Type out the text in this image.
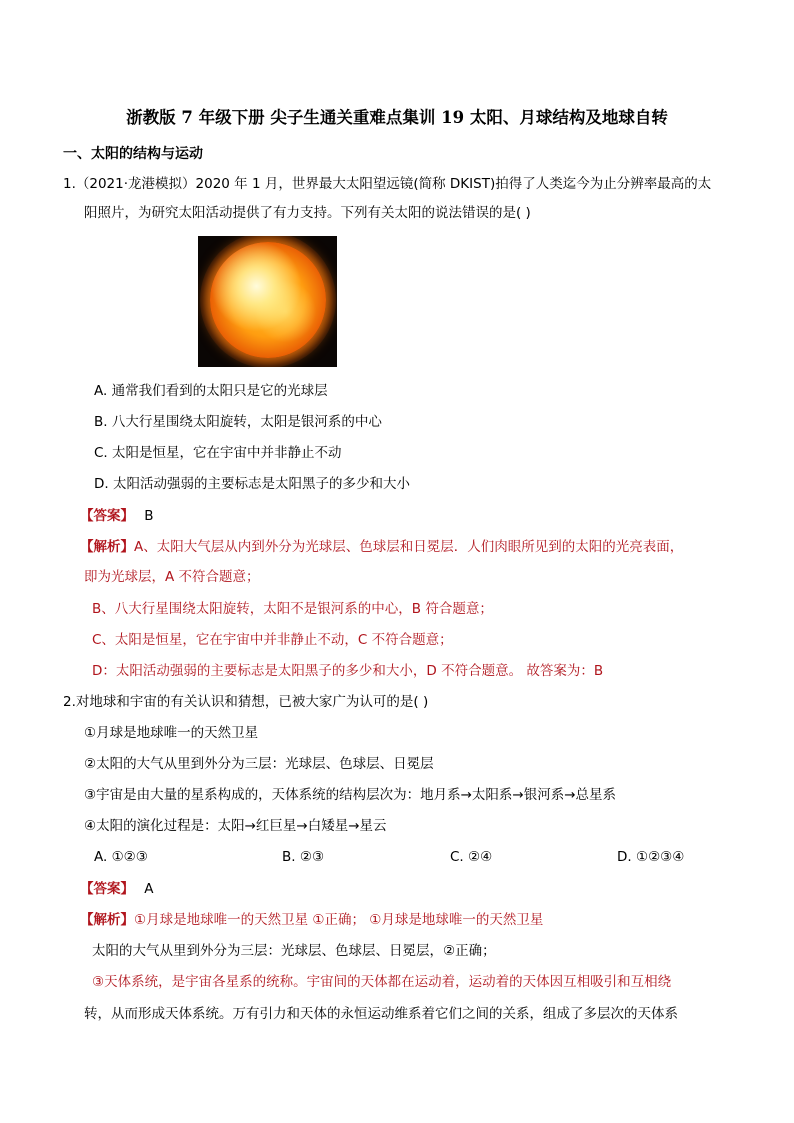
浙教版 7 年级下册 尖子生通关重难点集训 19 太阳、月球结构及地球自转
一、太阳的结构与运动
1.（2021·龙港模拟）2020 年 1 月，世界最大太阳望远镜(简称 DKIST)拍得了人类迄今为止分辨率最高的太
阳照片，为研究太阳活动提供了有力支持。下列有关太阳的说法错误的是( )
A. 通常我们看到的太阳只是它的光球层
B. 八大行星围绕太阳旋转，太阳是银河系的中心
C. 太阳是恒星，它在宇宙中并非静止不动
D. 太阳活动强弱的主要标志是太阳黑子的多少和大小
【答案】 B
【解析】A、太阳大气层从内到外分为光球层、色球层和日冕层．人们肉眼所见到的太阳的光亮表面，
即为光球层，A 不符合题意；
B、八大行星围绕太阳旋转，太阳不是银河系的中心，B 符合题意；
C、太阳是恒星，它在宇宙中并非静止不动，C 不符合题意；
D：太阳活动强弱的主要标志是太阳黑子的多少和大小，D 不符合题意。 故答案为：B
2.对地球和宇宙的有关认识和猜想，已被大家广为认可的是( )
①月球是地球唯一的天然卫星
②太阳的大气从里到外分为三层：光球层、色球层、日冕层
③宇宙是由大量的星系构成的，天体系统的结构层次为：地月系→太阳系→银河系→总星系
④太阳的演化过程是：太阳→红巨星→白矮星→星云
A. ①②③	B. ②③	C. ②④	D. ①②③④
【答案】 A
【解析】①月球是地球唯一的天然卫星 ①正确； ①月球是地球唯一的天然卫星
太阳的大气从里到外分为三层：光球层、色球层、日冕层，②正确；
③天体系统，是宇宙各星系的统称。宇宙间的天体都在运动着，运动着的天体因互相吸引和互相绕
转，从而形成天体系统。万有引力和天体的永恒运动维系着它们之间的关系，组成了多层次的天体系
